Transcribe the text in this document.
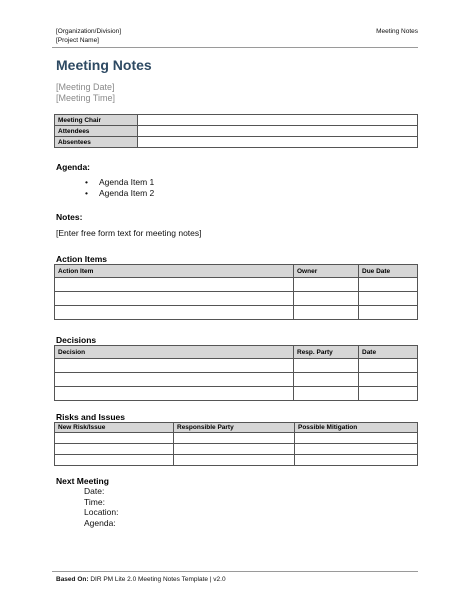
[Organization/Division]
[Project Name]
Meeting Notes
Meeting Notes
[Meeting Date]
[Meeting Time]
Meeting Chair	
Attendees	
Absentees	
Agenda:
• Agenda Item 1
• Agenda Item 2
Notes:
[Enter free form text for meeting notes]
Action Items
Action Item	Owner	Due Date

Decisions
Decision	Resp. Party	Date

Risks and Issues
New Risk/Issue	Responsible Party	Possible Mitigation

Next Meeting
Date:
Time:
Location:
Agenda:
Based On: DIR PM Lite 2.0 Meeting Notes Template | v2.0
